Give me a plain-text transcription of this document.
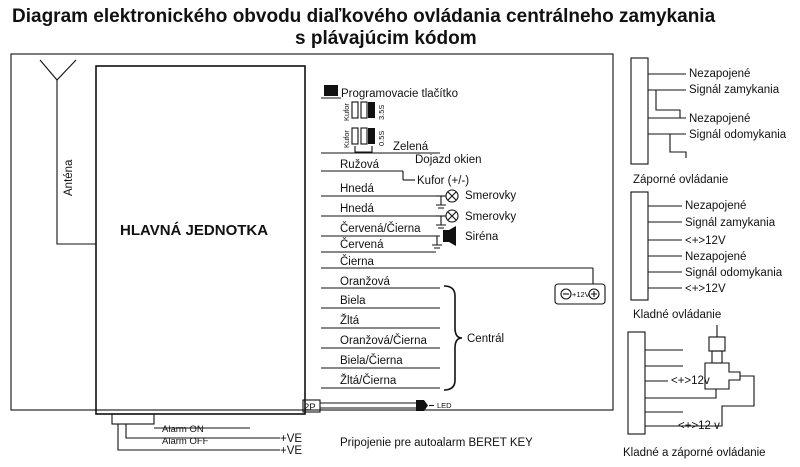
Diagram elektronického obvodu diaľkového ovládania centrálneho zamykania
s plávajúcim kódom
Anténa
HLAVNÁ JEDNOTKA
Programovacie tlačítko
Kufor	3.5S
Kufor	0.5S
Zelená
Dojazd okien
Ružová
Kufor (+/-)
Hnedá
Smerovky
Hnedá
Smerovky
Červená/Čierna
Siréna
Červená
Čierna
+12V
Oranžová
Biela
Žltá
Oranžová/Čierna
Biela/Čierna
Žltá/Čierna
Centrál
2P	LED
Alarm ON
Alarm OFF	+VE
+VE
Pripojenie pre autoalarm BERET KEY
Nezapojené
Signál zamykania
Nezapojené
Signál odomykania
Záporné ovládanie
Nezapojené
Signál zamykania
<+>12V
Nezapojené
Signál odomykania
<+>12V
Kladné ovládanie
<+>12v
<+>12 v
Kladné a záporné ovládanie
